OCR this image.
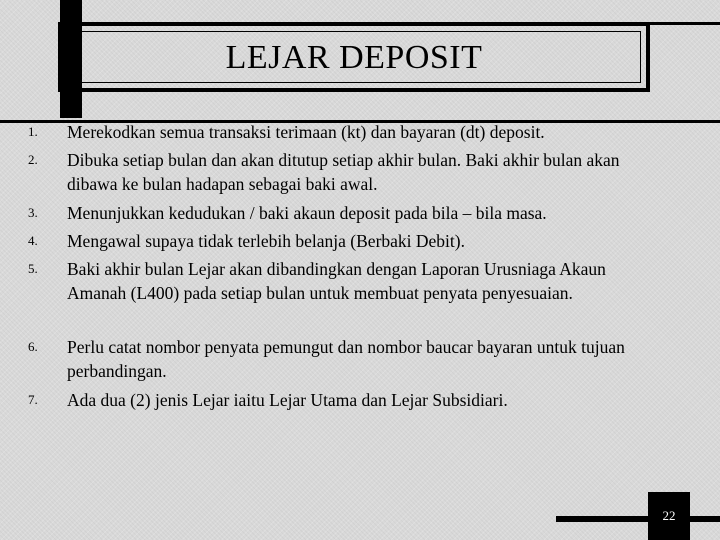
LEJAR DEPOSIT
1.	Merekodkan semua transaksi terimaan (kt) dan bayaran (dt) deposit.
2.	Dibuka setiap bulan dan akan ditutup setiap akhir bulan. Baki akhir bulan akan dibawa ke bulan hadapan sebagai baki awal.
3.	Menunjukkan kedudukan / baki akaun deposit pada bila – bila masa.
4.	Mengawal supaya tidak terlebih belanja (Berbaki Debit).
5.	Baki akhir bulan Lejar akan dibandingkan dengan Laporan Urusniaga Akaun Amanah (L400) pada setiap bulan untuk membuat penyata penyesuaian.
6.	Perlu catat nombor penyata pemungut dan nombor baucar bayaran untuk tujuan perbandingan.
7.	Ada dua (2) jenis Lejar iaitu Lejar Utama dan Lejar Subsidiari.
22
